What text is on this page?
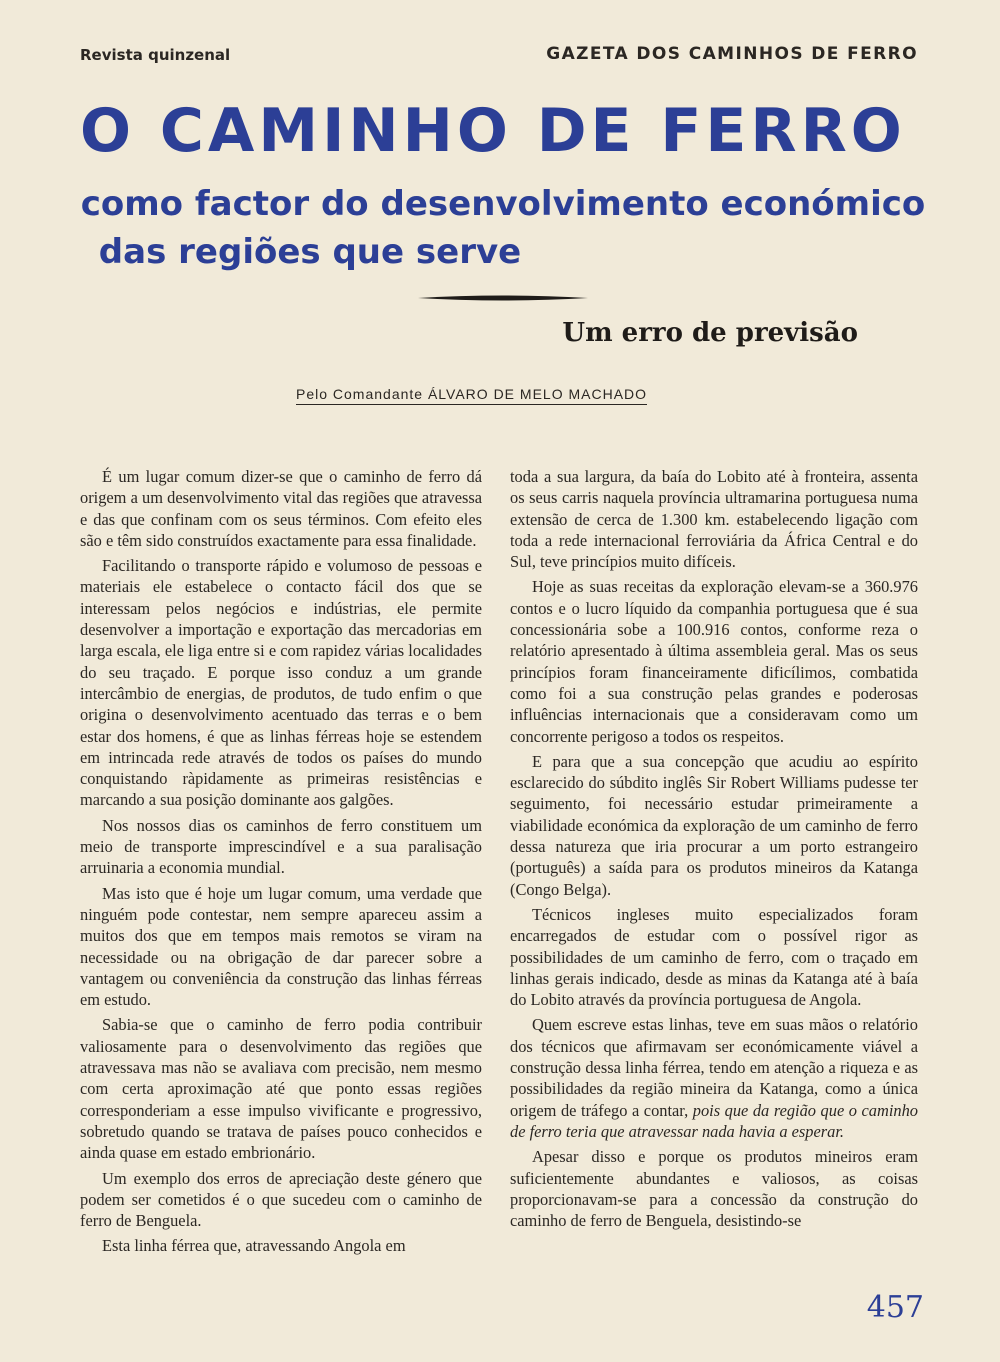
Revista quinzenal	GAZETA DOS CAMINHOS DE FERRO
O CAMINHO DE FERRO
como factor do desenvolvimento económico
das regiões que serve
Um erro de previsão
Pelo Comandante ÁLVARO DE MELO MACHADO

É um lugar comum dizer-se que o caminho de ferro dá origem a um desenvolvimento vital das regiões que atravessa e das que confinam com os seus términos. Com efeito eles são e têm sido construídos exactamente para essa finalidade.

Facilitando o transporte rápido e volumoso de pessoas e materiais ele estabelece o contacto fácil dos que se interessam pelos negócios e indústrias, ele permite desenvolver a importação e exportação das mercadorias em larga escala, ele liga entre si e com rapidez várias localidades do seu traçado. E porque isso conduz a um grande intercâmbio de energias, de produtos, de tudo enfim o que origina o desenvolvimento acentuado das terras e o bem estar dos homens, é que as linhas férreas hoje se estendem em intrincada rede através de todos os países do mundo conquistando ràpidamente as primeiras resistências e marcando a sua posição dominante aos galgões.

Nos nossos dias os caminhos de ferro constituem um meio de transporte imprescindível e a sua paralisação arruinaria a economia mundial.

Mas isto que é hoje um lugar comum, uma verdade que ninguém pode contestar, nem sempre apareceu assim a muitos dos que em tempos mais remotos se viram na necessidade ou na obrigação de dar parecer sobre a vantagem ou conveniência da construção das linhas férreas em estudo.

Sabia-se que o caminho de ferro podia contribuir valiosamente para o desenvolvimento das regiões que atravessava mas não se avaliava com precisão, nem mesmo com certa aproximação até que ponto essas regiões corresponderiam a esse impulso vivificante e progressivo, sobretudo quando se tratava de países pouco conhecidos e ainda quase em estado embrionário.

Um exemplo dos erros de apreciação deste género que podem ser cometidos é o que sucedeu com o caminho de ferro de Benguela.

Esta linha férrea que, atravessando Angola em

toda a sua largura, da baía do Lobito até à fronteira, assenta os seus carris naquela província ultramarina portuguesa numa extensão de cerca de 1.300 km. estabelecendo ligação com toda a rede internacional ferroviária da África Central e do Sul, teve princípios muito difíceis.

Hoje as suas receitas da exploração elevam-se a 360.976 contos e o lucro líquido da companhia portuguesa que é sua concessionária sobe a 100.916 contos, conforme reza o relatório apresentado à última assembleia geral. Mas os seus princípios foram financeiramente dificílimos, combatida como foi a sua construção pelas grandes e poderosas influências internacionais que a consideravam como um concorrente perigoso a todos os respeitos.

E para que a sua concepção que acudiu ao espírito esclarecido do súbdito inglês Sir Robert Williams pudesse ter seguimento, foi necessário estudar primeiramente a viabilidade económica da exploração de um caminho de ferro dessa natureza que iria procurar a um porto estrangeiro (português) a saída para os produtos mineiros da Katanga (Congo Belga).

Técnicos ingleses muito especializados foram encarregados de estudar com o possível rigor as possibilidades de um caminho de ferro, com o traçado em linhas gerais indicado, desde as minas da Katanga até à baía do Lobito através da província portuguesa de Angola.

Quem escreve estas linhas, teve em suas mãos o relatório dos técnicos que afirmavam ser económicamente viável a construção dessa linha férrea, tendo em atenção a riqueza e as possibilidades da região mineira da Katanga, como a única origem de tráfego a contar, pois que da região que o caminho de ferro teria que atravessar nada havia a esperar.

Apesar disso e porque os produtos mineiros eram suficientemente abundantes e valiosos, as coisas proporcionavam-se para a concessão da construção do caminho de ferro de Benguela, desistindo-se

457
